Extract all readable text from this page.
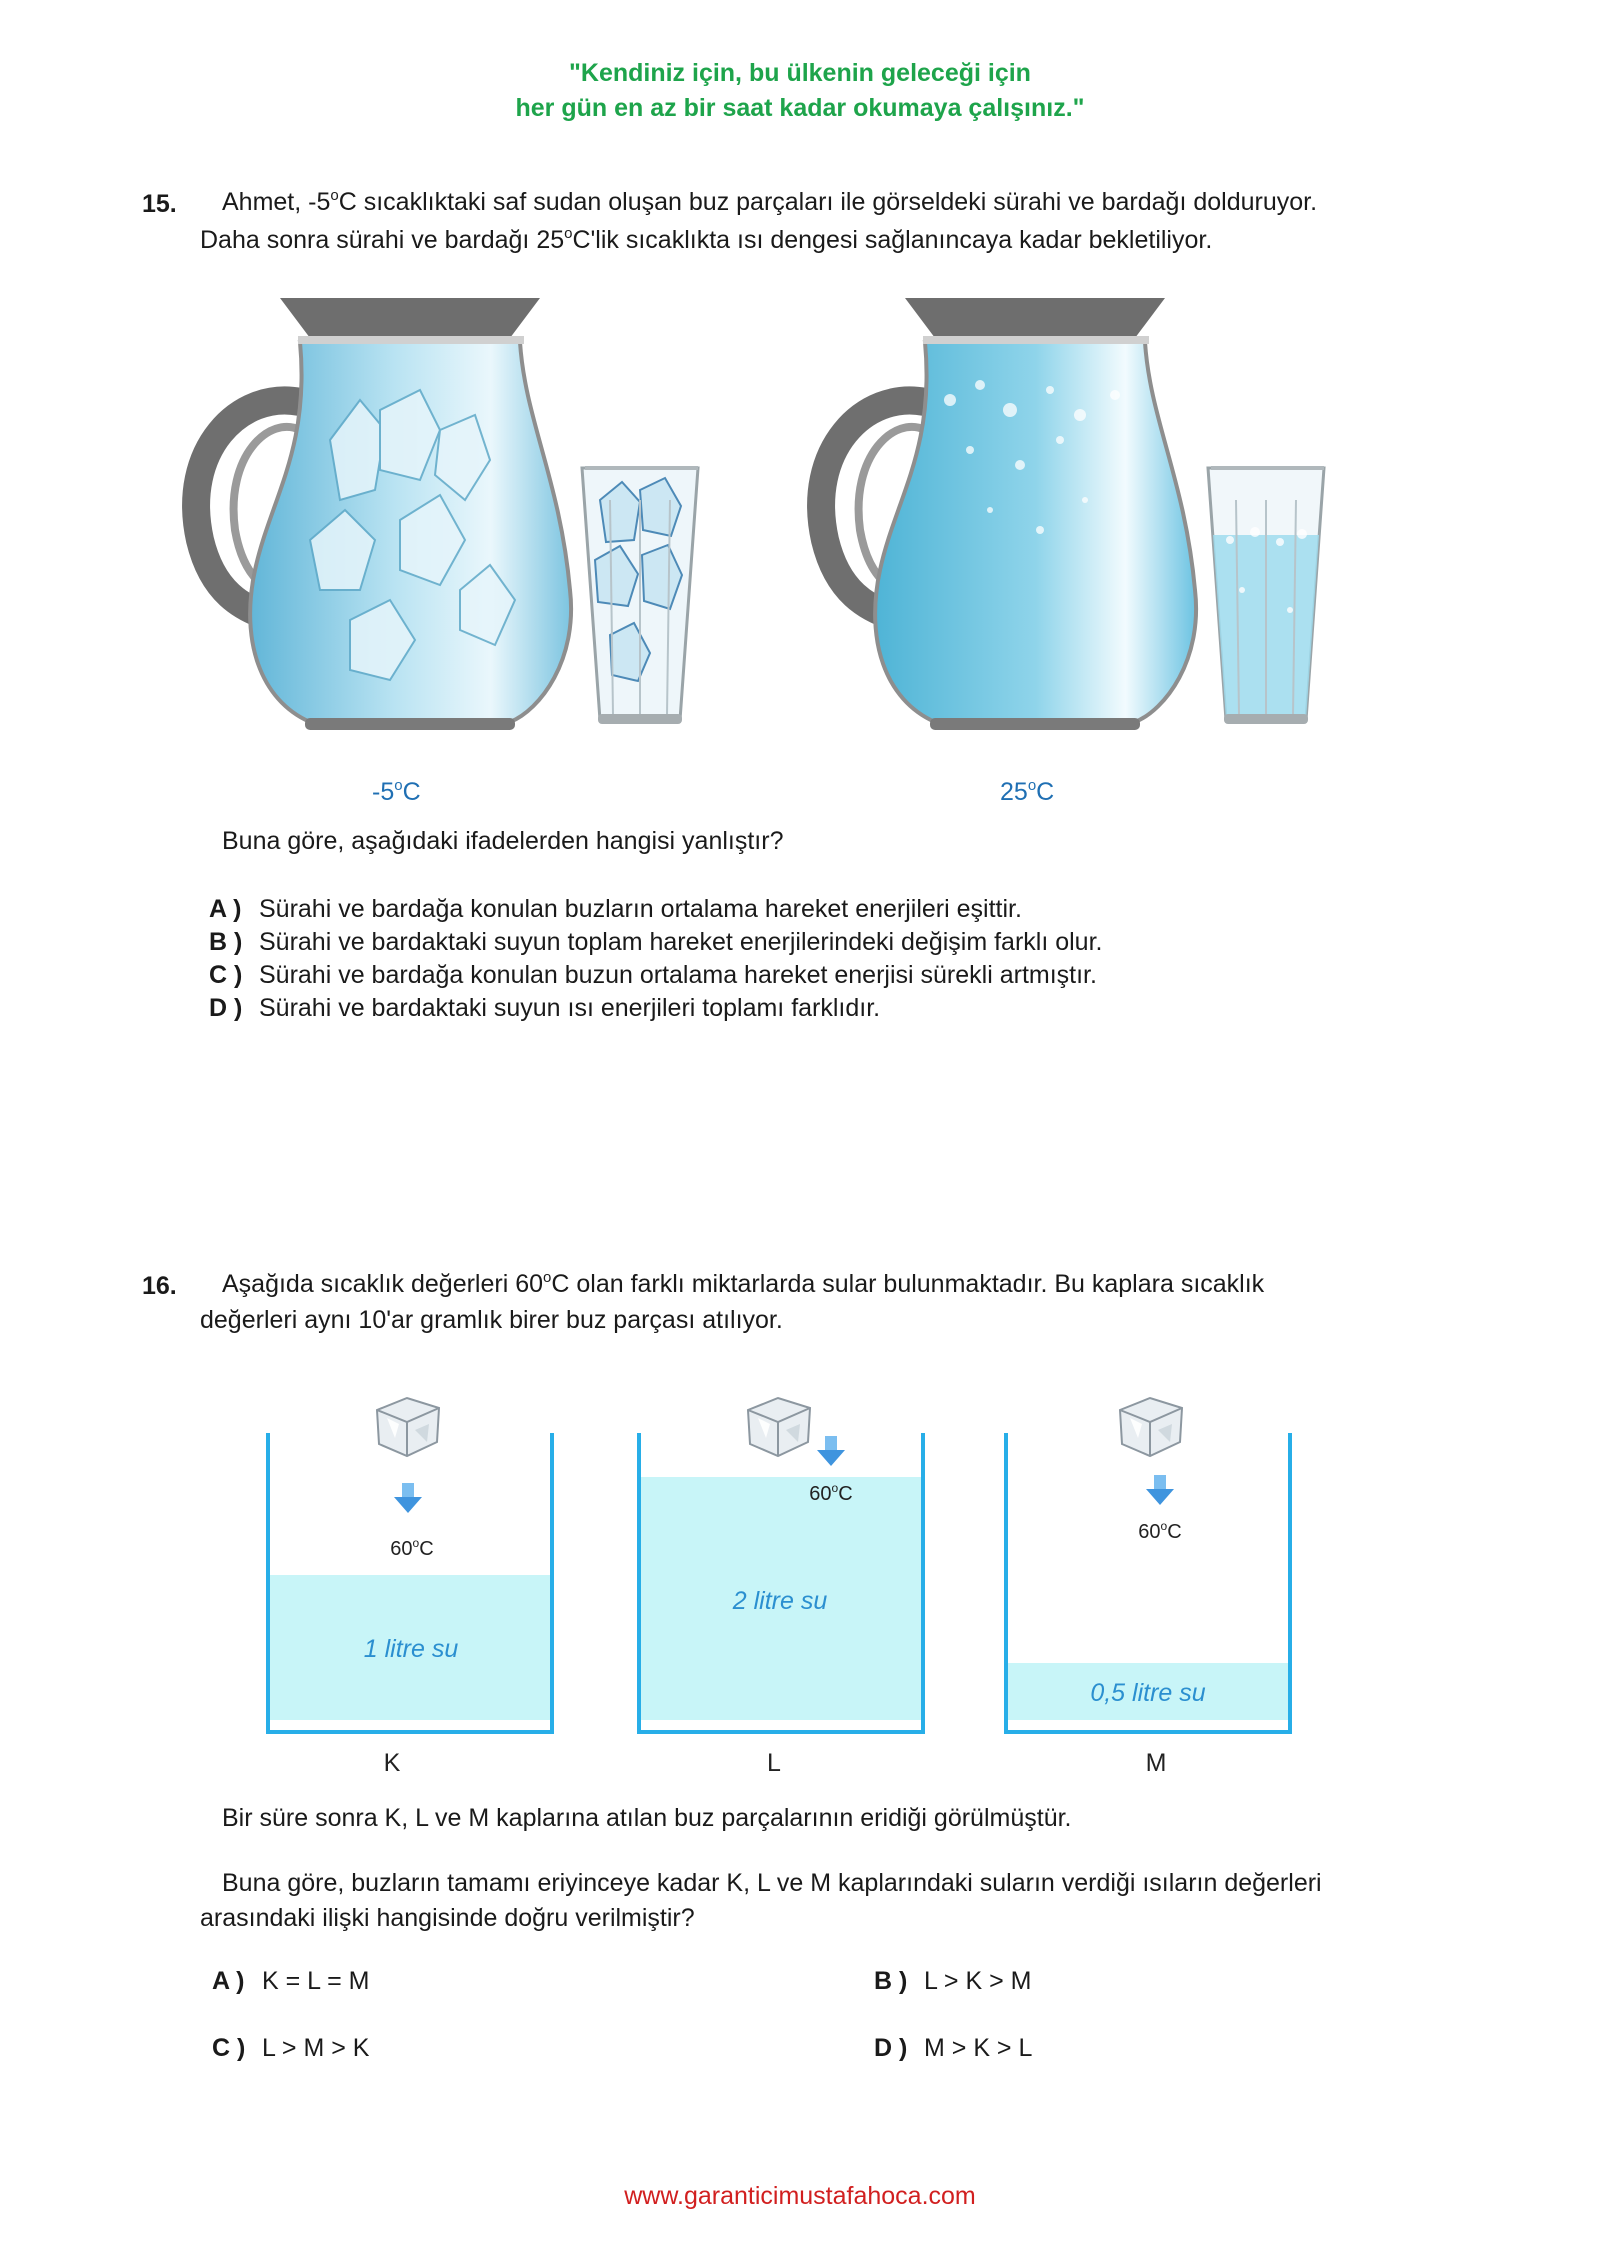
"Kendiniz için, bu ülkenin geleceği için
her gün en az bir saat kadar okumaya çalışınız."
15. Ahmet, -5$^o$C sıcaklıktaki saf sudan oluşan buz parçaları ile görseldeki sürahi ve bardağı dolduruyor.
Daha sonra sürahi ve bardağı 25$^o$C'lik sıcaklıkta ısı dengesi sağlanıncaya kadar bekletiliyor.
-5$^o$C	25$^o$C
Buna göre, aşağıdaki ifadelerden hangisi yanlıştır?
A ) Sürahi ve bardağa konulan buzların ortalama hareket enerjileri eşittir.
B ) Sürahi ve bardaktaki suyun toplam hareket enerjilerindeki değişim farklı olur.
C ) Sürahi ve bardağa konulan buzun ortalama hareket enerjisi sürekli artmıştır.
D ) Sürahi ve bardaktaki suyun ısı enerjileri toplamı farklıdır.
16. Aşağıda sıcaklık değerleri 60$^o$C olan farklı miktarlarda sular bulunmaktadır. Bu kaplara sıcaklık
değerleri aynı 10'ar gramlık birer buz parçası atılıyor.
60$^o$C
1 litre su
K
60$^o$C
2 litre su
L
60$^o$C
0,5 litre su
M
Bir süre sonra K, L ve M kaplarına atılan buz parçalarının eridiği görülmüştür.
Buna göre, buzların tamamı eriyinceye kadar K, L ve M kaplarındaki suların verdiği ısıların değerleri
arasındaki ilişki hangisinde doğru verilmiştir?
A ) K = L = M	B ) L > K > M
C ) L > M > K	D ) M > K > L
www.garanticimustafahoca.com
